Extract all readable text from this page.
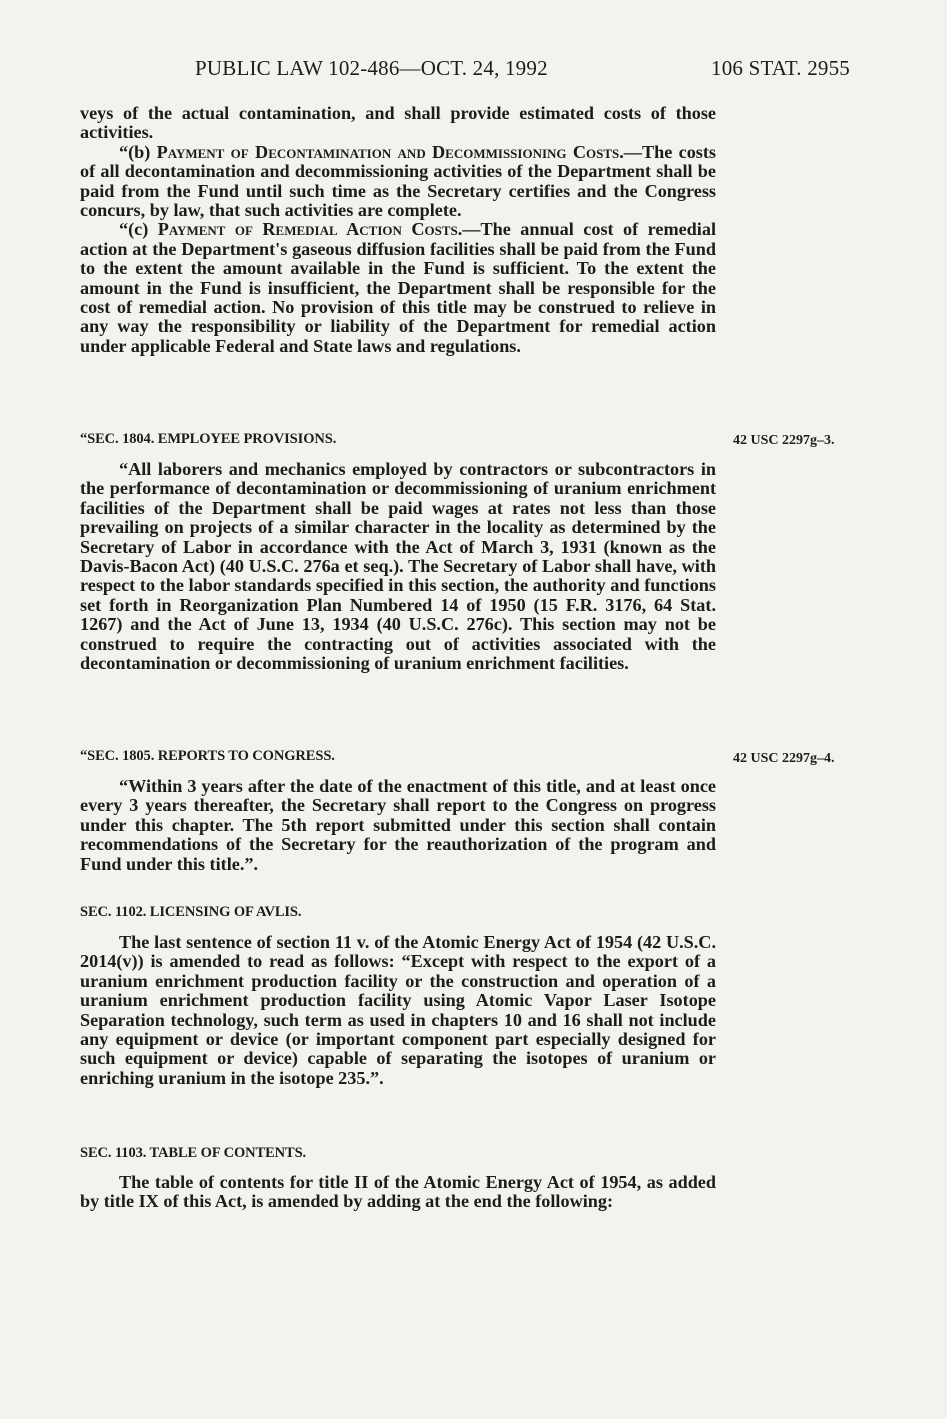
PUBLIC LAW 102-486—OCT. 24, 1992	106 STAT. 2955

veys of the actual contamination, and shall provide estimated costs of those activities.

“(b) Payment of Decontamination and Decommissioning Costs.—The costs of all decontamination and decommissioning activities of the Department shall be paid from the Fund until such time as the Secretary certifies and the Congress concurs, by law, that such activities are complete.

“(c) Payment of Remedial Action Costs.—The annual cost of remedial action at the Department's gaseous diffusion facilities shall be paid from the Fund to the extent the amount available in the Fund is sufficient. To the extent the amount in the Fund is insufficient, the Department shall be responsible for the cost of remedial action. No provision of this title may be construed to relieve in any way the responsibility or liability of the Department for remedial action under applicable Federal and State laws and regulations.

“SEC. 1804. EMPLOYEE PROVISIONS.	42 USC 2297g–3.

“All laborers and mechanics employed by contractors or subcontractors in the performance of decontamination or decommissioning of uranium enrichment facilities of the Department shall be paid wages at rates not less than those prevailing on projects of a similar character in the locality as determined by the Secretary of Labor in accordance with the Act of March 3, 1931 (known as the Davis-Bacon Act) (40 U.S.C. 276a et seq.). The Secretary of Labor shall have, with respect to the labor standards specified in this section, the authority and functions set forth in Reorganization Plan Numbered 14 of 1950 (15 F.R. 3176, 64 Stat. 1267) and the Act of June 13, 1934 (40 U.S.C. 276c). This section may not be construed to require the contracting out of activities associated with the decontamination or decommissioning of uranium enrichment facilities.

“SEC. 1805. REPORTS TO CONGRESS.	42 USC 2297g–4.

“Within 3 years after the date of the enactment of this title, and at least once every 3 years thereafter, the Secretary shall report to the Congress on progress under this chapter. The 5th report submitted under this section shall contain recommendations of the Secretary for the reauthorization of the program and Fund under this title.”.

SEC. 1102. LICENSING OF AVLIS.

The last sentence of section 11 v. of the Atomic Energy Act of 1954 (42 U.S.C. 2014(v)) is amended to read as follows: “Except with respect to the export of a uranium enrichment production facility or the construction and operation of a uranium enrichment production facility using Atomic Vapor Laser Isotope Separation technology, such term as used in chapters 10 and 16 shall not include any equipment or device (or important component part especially designed for such equipment or device) capable of separating the isotopes of uranium or enriching uranium in the isotope 235.”.

SEC. 1103. TABLE OF CONTENTS.

The table of contents for title II of the Atomic Energy Act of 1954, as added by title IX of this Act, is amended by adding at the end the following:
